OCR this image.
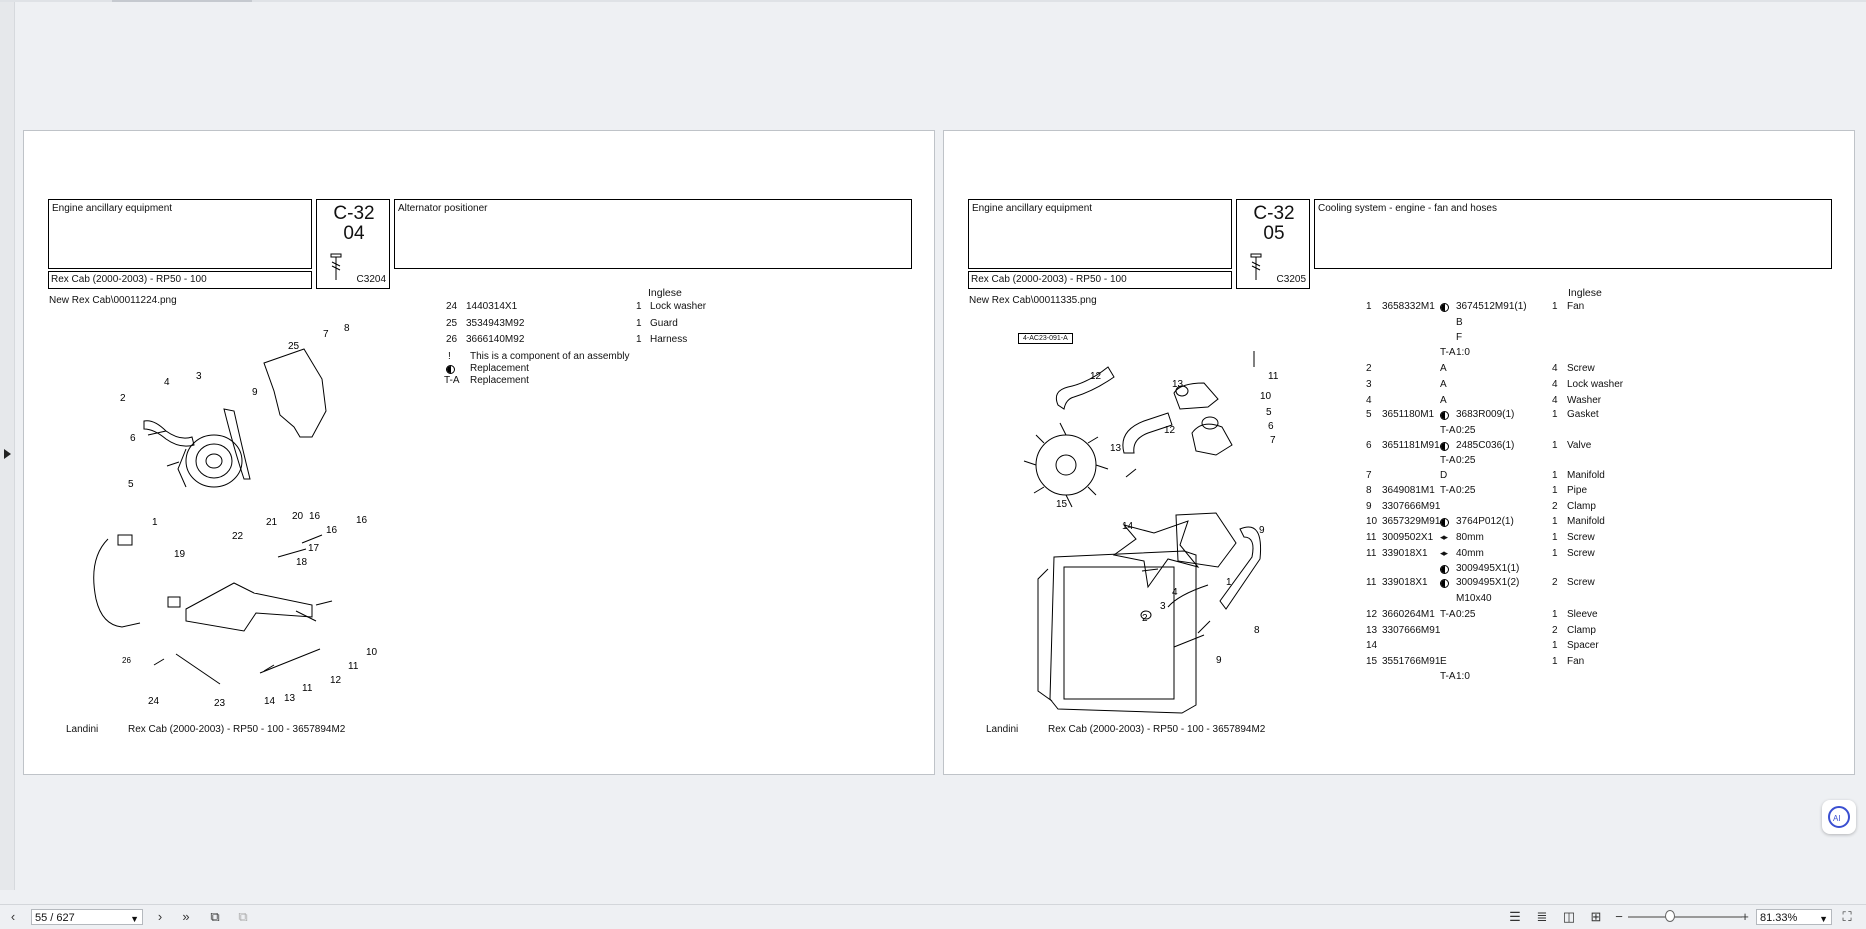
Engine ancillary equipment
Rex Cab (2000-2003) - RP50 - 100
C-32
04
C3204
Alternator positioner
New Rex Cab\00011224.png
25
7
8
3
4
2
9
6
5
1
20
21
22
16
16
16
17
18
19
26
10
11
12
11
13
14
24	23
Inglese
24 1440314X1	1 Lock washer
25 3534943M92	1 Guard
26 3666140M92	1 Harness
! This is a component of an assembly
Replacement
T-A Replacement
Landini	Rex Cab (2000-2003) - RP50 - 100 - 3657894M2
Engine ancillary equipment
Rex Cab (2000-2003) - RP50 - 100
C-32
05
C3205
Cooling system - engine - fan and hoses
New Rex Cab\00011335.png
4-AC23-091-A
12
13
11
10
5
6
7
12
13
15
14	9
4
3
2
1
8
9
Inglese
1 3658332M1 3674512M91(1)	1 Fan
B
F
T-A 1:0
2	A	4 Screw
3	A	4 Lock washer
4	A	4 Washer
5 3651180M1 3683R009(1)	1 Gasket
T-A 0:25
6 3651181M91 2485C036(1)	1 Valve
T-A 0:25
7	D	1 Manifold
8 3649081M1 T-A 0:25	1 Pipe
9 3307666M91	2 Clamp
10 3657329M91 3764P012(1)	1 Manifold
11 3009502X1 ◂▸ 80mm	1 Screw
11 339018X1 ◂▸ 40mm	1 Screw
3009495X1(1)
11 339018X1	3009495X1(2)	2 Screw
M10x40
12 3660264M1 T-A 0:25	1 Sleeve
13 3307666M91	2 Clamp
14	1 Spacer
15 3551766M91 E	1 Fan
T-A 1:0
Landini	Rex Cab (2000-2003) - RP50 - 100 - 3657894M2
AI
‹	55 / 627	▼	›	»	⧉	⧉	☰ ≣ ◫ ⊞	−	+	81.33% ▼	⛶
